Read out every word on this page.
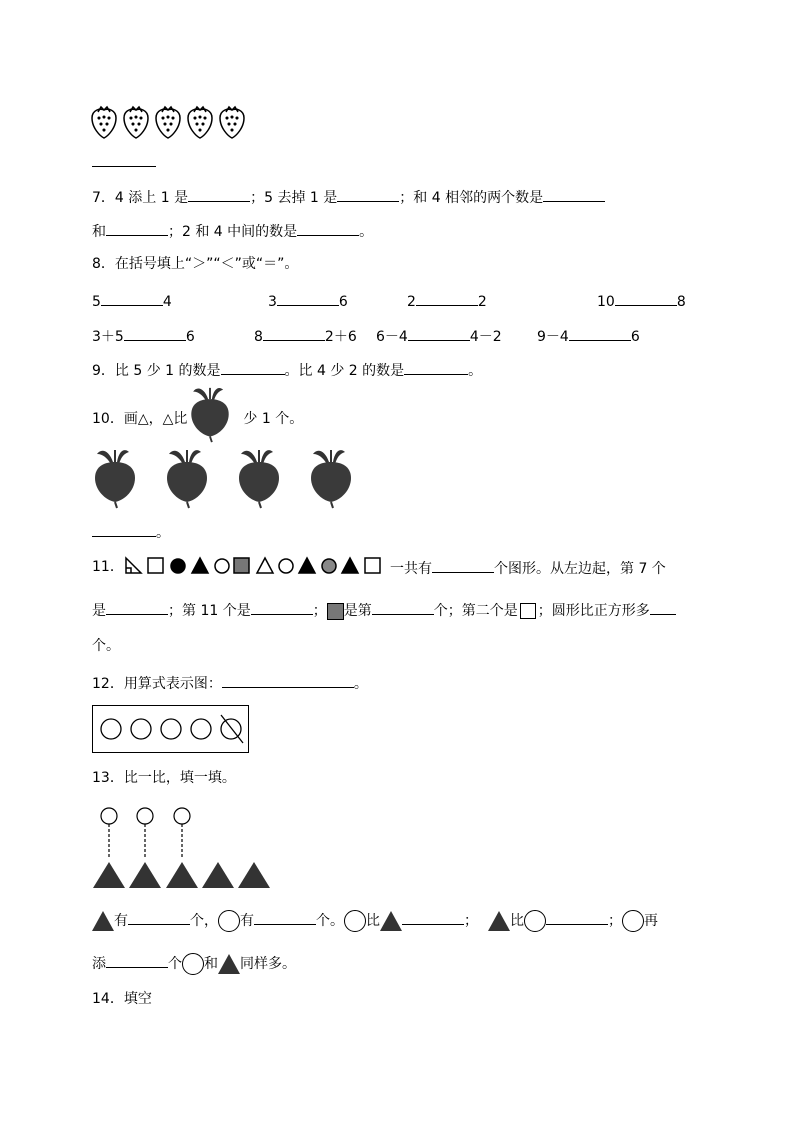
7．4 添上 1 是	；5 去掉 1 是	；和 4 相邻的两个数是
和	；2 和 4 中间的数是	。
8．在括号填上“＞”“＜”或“＝”。
5	4	3	6	2	2	10	8
3＋5	6	8	2＋6 6－4	4－2	9－4	6
9．比 5 少 1 的数是	。比 4 少 2 的数是	。
10．画△，△比	少 1 个。
。
11．	一共有	个图形。从左边起，第 7 个
是	；第 11 个是	； 是第	个；第二个是 ；圆形比正方形多
个。
12．用算式表示图：	。
13．比一比，填一填。
有	个， 有	个。 比	； 比	； 再
添	个 和 同样多。
14．填空
